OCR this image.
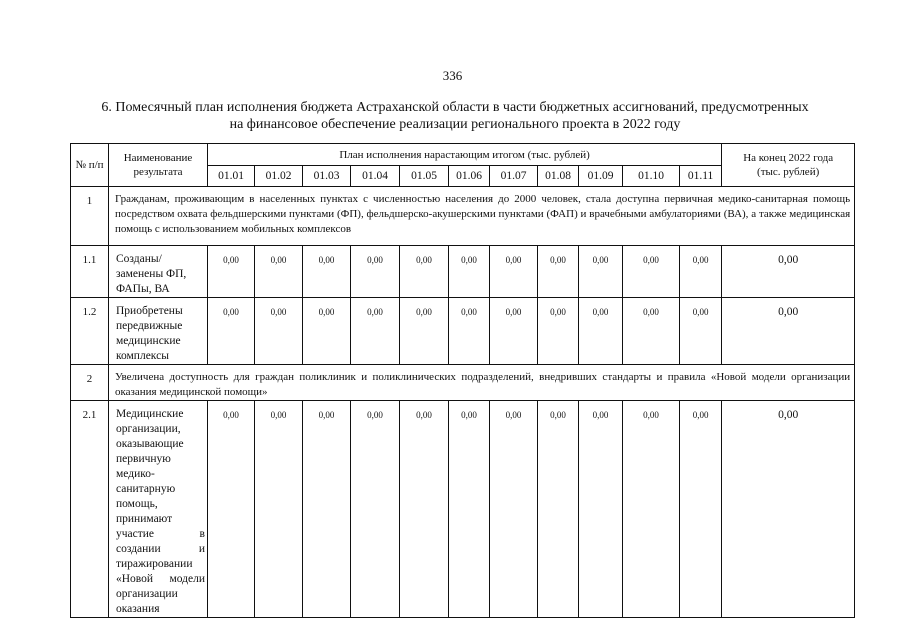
336
6. Помесячный план исполнения бюджета Астраханской области в части бюджетных ассигнований, предусмотренных
на финансовое обеспечение реализации регионального проекта в 2022 году
№ п/п	Наименование результата	План исполнения нарастающим итогом (тыс. рублей)											На конец 2022 года
(тыс. рублей)

		01.01	01.02	01.03	01.04	01.05	01.06	01.07	01.08	01.09	01.10	01.11	
1	Гражданам, проживающим в населенных пунктах с численностью населения до 2000 человек, стала доступна первичная медико-санитарная помощь посредством охвата фельдшерскими пунктами (ФП), фельдшерско-акушерскими пунктами (ФАП) и врачебными амбулаториями (ВА), а также медицинская помощь с использованием мобильных комплексов												
1.1	Созданы/заменены ФП, ФАПы, ВА	0,00	0,00	0,00	0,00	0,00	0,00	0,00	0,00	0,00	0,00	0,00	0,00
1.2	Приобретены передвижные медицинские комплексы	0,00	0,00	0,00	0,00	0,00	0,00	0,00	0,00	0,00	0,00	0,00	0,00
2	Увеличена доступность для граждан поликлиник и поликлинических подразделений, внедривших стандарты и правила «Новой модели организации оказания медицинской помощи»												
2.1	Медицинские организации, оказывающие первичную медико-санитарную помощь, принимают участие в создании и тиражировании «Новой модели организации оказания	0,00	0,00	0,00	0,00	0,00	0,00	0,00	0,00	0,00	0,00	0,00	0,00
